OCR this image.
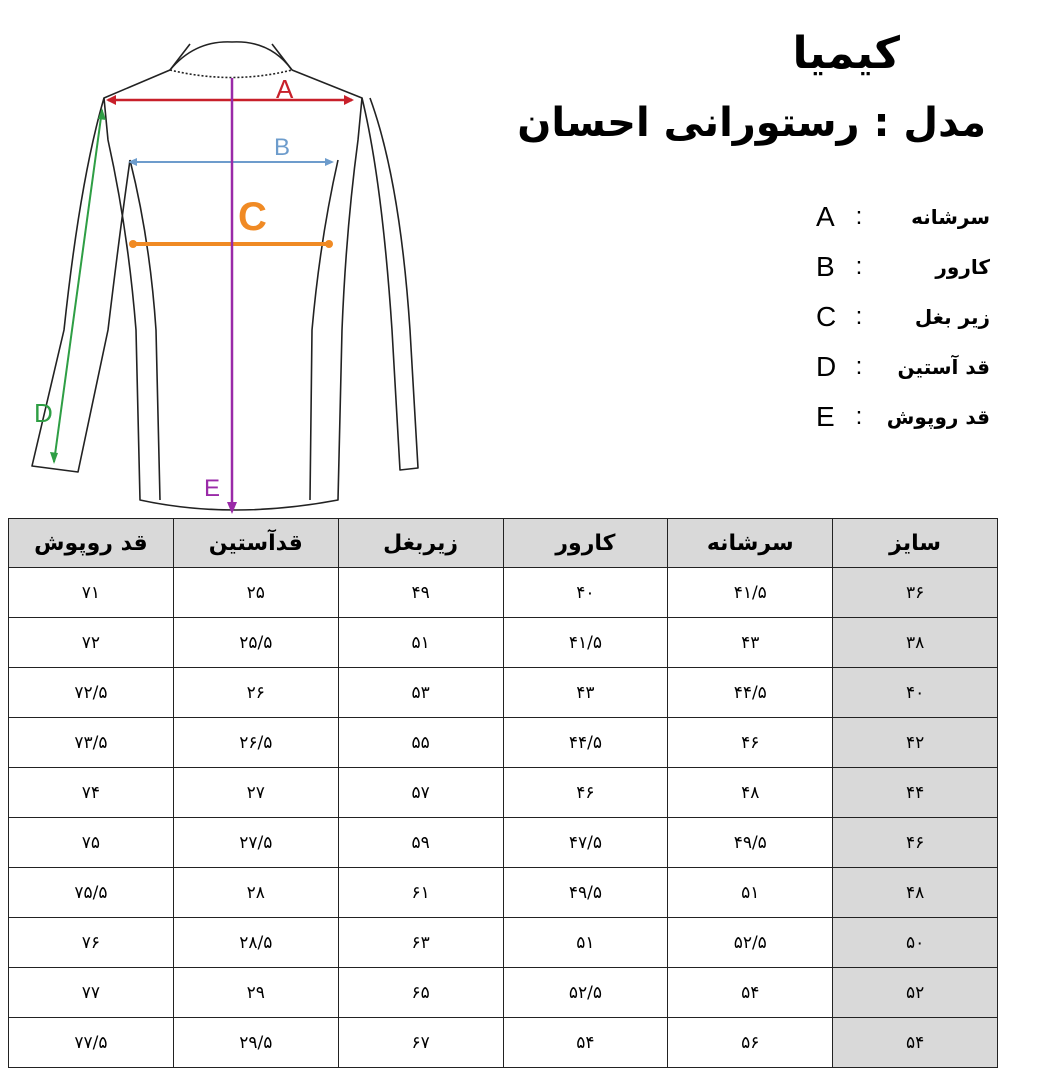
A
B
C
D
E
کیمیا
مدل : رستورانی احسان
سرشانه
:
A
کارور
:
B
زیر بغل
:
C
قد آستین
:
D
قد روپوش
:
E
سایز	سرشانه	کارور	زیربغل	قدآستین	قد روپوش
۳۶	۴۱/۵	۴۰	۴۹	۲۵	۷۱
۳۸	۴۳	۴۱/۵	۵۱	۲۵/۵	۷۲
۴۰	۴۴/۵	۴۳	۵۳	۲۶	۷۲/۵
۴۲	۴۶	۴۴/۵	۵۵	۲۶/۵	۷۳/۵
۴۴	۴۸	۴۶	۵۷	۲۷	۷۴
۴۶	۴۹/۵	۴۷/۵	۵۹	۲۷/۵	۷۵
۴۸	۵۱	۴۹/۵	۶۱	۲۸	۷۵/۵
۵۰	۵۲/۵	۵۱	۶۳	۲۸/۵	۷۶
۵۲	۵۴	۵۲/۵	۶۵	۲۹	۷۷
۵۴	۵۶	۵۴	۶۷	۲۹/۵	۷۷/۵
